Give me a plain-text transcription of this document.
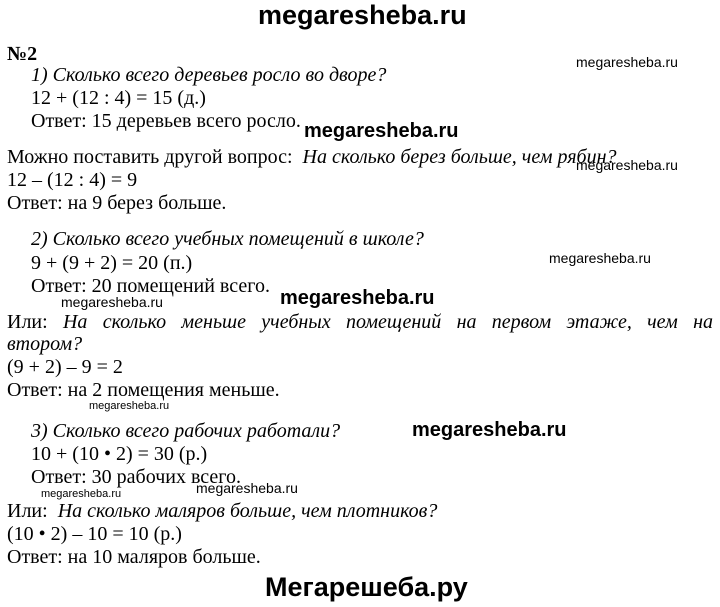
megaresheba.ru
№2
1) Сколько всего деревьев росло во дворе?
12 + (12 : 4) = 15 (д.)
Ответ: 15 деревьев всего росло.
Можно поставить другой вопрос: На сколько берез больше, чем рябин?
12 – (12 : 4) = 9
Ответ: на 9 берез больше.
2) Сколько всего учебных помещений в школе?
9 + (9 + 2) = 20 (п.)
Ответ: 20 помещений всего.
Или: На сколько меньше учебных помещений на первом этаже, чем на
втором?
(9 + 2) – 9 = 2
Ответ: на 2 помещения меньше.
3) Сколько всего рабочих работали?
10 + (10 • 2) = 30 (р.)
Ответ: 30 рабочих всего.
Или: На сколько маляров больше, чем плотников?
(10 • 2) – 10 = 10 (р.)
Ответ: на 10 маляров больше.
megaresheba.ru
megaresheba.ru
megaresheba.ru
megaresheba.ru
megaresheba.ru	megaresheba.ru
megaresheba.ru
megaresheba.ru
megaresheba.ru
megaresheba.ru
Мегарешеба.ру
